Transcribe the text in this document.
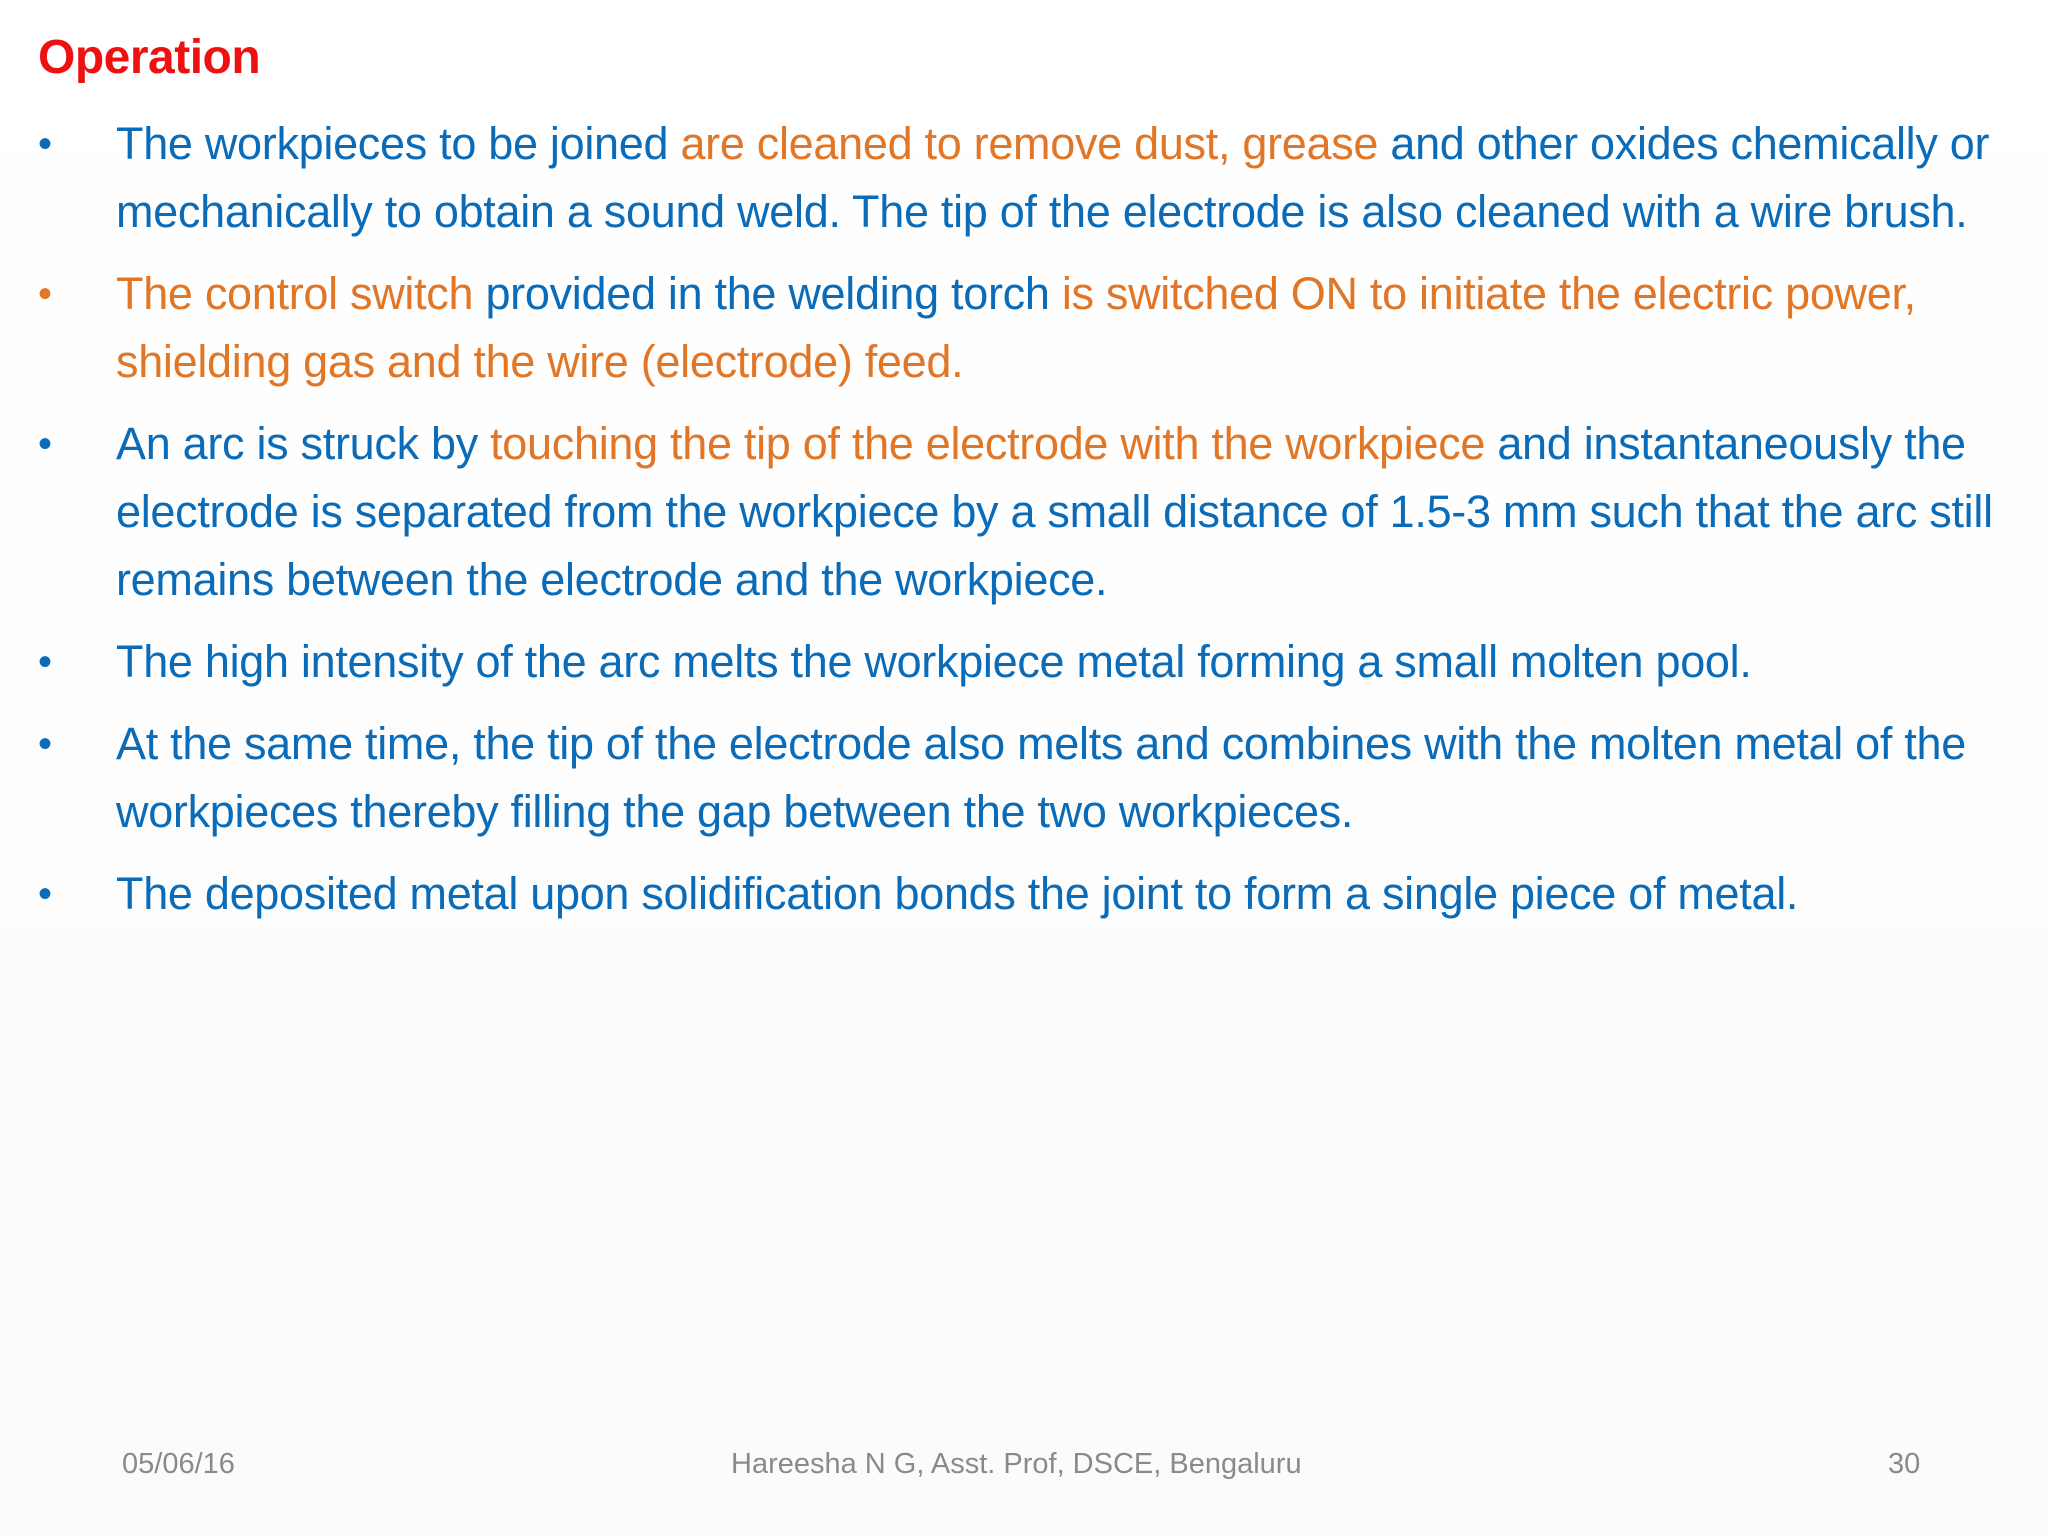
Operation
• The workpieces to be joined are cleaned to remove dust, grease and other oxides chemically or mechanically to obtain a sound weld. The tip of the electrode is also cleaned with a wire brush.
• The control switch provided in the welding torch is switched ON to initiate the electric power, shielding gas and the wire (electrode) feed.
• An arc is struck by touching the tip of the electrode with the workpiece and instantaneously the electrode is separated from the workpiece by a small distance of 1.5-3 mm such that the arc still remains between the electrode and the workpiece.
• The high intensity of the arc melts the workpiece metal forming a small molten pool.
• At the same time, the tip of the electrode also melts and combines with the molten metal of the workpieces thereby filling the gap between the two workpieces.
• The deposited metal upon solidification bonds the joint to form a single piece of metal.
05/06/16	Hareesha N G, Asst. Prof, DSCE, Bengaluru	30
